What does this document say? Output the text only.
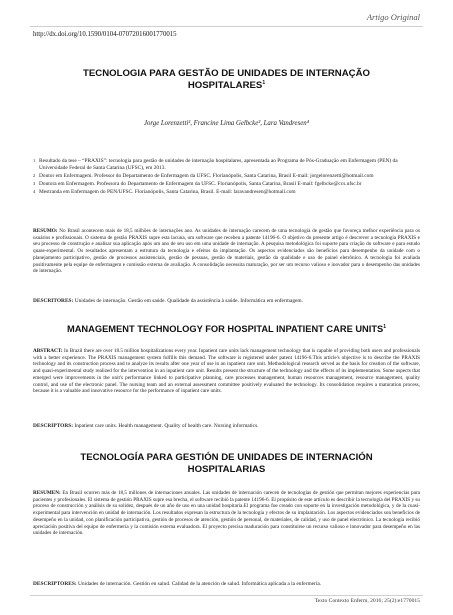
Artigo Original
http://dx.doi.org/10.1590/0104-07072016001770015
TECNOLOGIA PARA GESTÃO DE UNIDADES DE INTERNAÇÃO HOSPITALARES$^1$
Jorge Lorenzetti², Francine Lima Gelbcke³, Lara Vandresen⁴
1 Resultado da tese – “PRAXIS”: tecnologia para gestão de unidades de internação hospitalares, apresentada ao Programa de Pós-Graduação em Enfermagem (PEN) da Universidade Federal de Santa Catarina (UFSC), em 2013.
2 Doutor em Enfermagem. Professor do Departamento de Enfermagem da UFSC. Florianópolis, Santa Catarina, Brasil E-mail: jorgelorenzetti@hotmail.com
3 Doutora em Enfermagem. Professora do Departamento de Enfermagem da UFSC. Florianópolis, Santa Catarina, Brasil E-mail: fgelbcke@ccs.ufsc.br
4 Mestranda em Enfermagem do PEN/UFSC. Florianópolis, Santa Catarina, Brasil. E-mail: laravandresen@hotmail.com
RESUMO: No Brasil acontecem mais de 18,5 milhões de internações ano. As unidades de internação carecem de uma tecnologia de gestão que favoreça melhor experiência para os usuários e profissionais. O sistema de gestão PRAXIS supre esta lacuna, um software que recebeu a patente 14196-6. O objetivo do presente artigo é descrever a tecnologia PRAXIS e seu processo de construção e analisar sua aplicação após um ano de seu uso em uma unidade de internação. A pesquisa metodológica foi suporte para criação do software e para estudo quase-experimental. Os resultados apresentam a estrutura da tecnologia e efeitos da implantação. Os aspectos evidenciados são benefícios para desempenho da unidade com o planejamento participativo, gestão de processos assistenciais, gestão de pessoas, gestão de materiais, gestão da qualidade e uso de painel eletrônico. A tecnologia foi avaliada positivamente pela equipe de enfermagem e comissão externa de avaliação. A consolidação necessita maturação, por ser um recurso valioso e inovador para o desempenho das unidades de internação.
DESCRITORES: Unidades de internação. Gestão em saúde. Qualidade da assistência à saúde. Informática em enfermagem.
MANAGEMENT TECHNOLOGY FOR HOSPITAL INPATIENT CARE UNITS$^1$
ABSTRACT: In Brazil there are over 18.5 million hospitalizations every year. Inpatient care units lack management technology that is capable of providing both users and professionals with a better experience. The PRAXIS management system fulfills this demand. The software is registered under patent 14196-6.This article's objective is to describe the PRAXIS technology and its construction process and to analyze its results after one year of use in an inpatient care unit. Methodological research served as the basis for creation of the software, and quasi-experimental study realized for the intervention in an inpatient care unit. Results present the structure of the technology and the effects of its implementation. Some aspects that emerged were improvements in the unit's performance linked to participative planning, care processes management, human resources management, resource management, quality control, and use of the electronic panel. The nursing team and an external assessment committee positively evaluated the technology. Its consolidation requires a maturation process, because it is a valuable and innovative resource for the performance of inpatient care units.
DESCRIPTORS: Inpatient care units. Health management. Quality of health care. Nursing informatics.
TECNOLOGÍA PARA GESTIÓN DE UNIDADES DE INTERNACIÓN HOSPITALARIAS
RESUMEN: En Brasil ocurren más de 18,5 millones de internaciones anuales. Las unidades de internación carecen de tecnologías de gestión que permitan mejores experiencias para pacientes y profesionales. El sistema de gestión PRAXIS supre esa brecha, el software recibió la patente 14196-6. El propósito de este artículo es describir la tecnología del PRAXIS y su proceso de construcción y análisis de su solidez, después de un año de uso en una unidad hospitaria.El programa fue creado con soporte en la investigación metodológica, y de la cuasi-experimental para intervención en unidad de internación. Los resultados expresan la estructura de la tecnología y efectos de su implantación. Los aspectos evidenciados son beneficios de desempeño en la unidad, con planificación participativa, gestión de procesos de atención, gestión de personal, de materiales, de calidad, y uso de panel electrónico. La tecnología recibió apreciación positiva del equipo de enfermería y la comisión externa evaluadora. El proyecto precisa maduración para constituirse un recurso valioso e innovador para desempeño en las unidades de internación.
DESCRIPTORES: Unidades de internación. Gestión en salud. Calidad de la atención de salud. Informática aplicada a la enfermería.
Texto Contexto Enferm, 2016; 25(2):e1770015
